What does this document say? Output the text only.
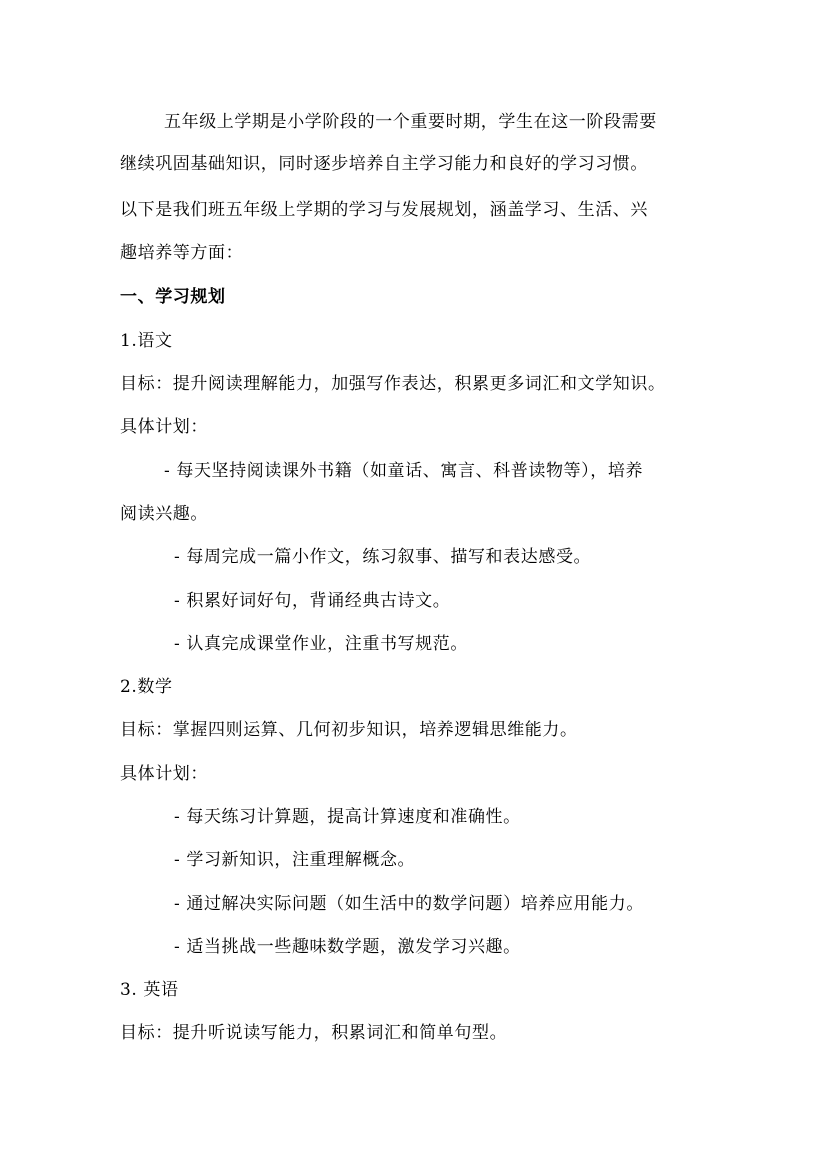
五年级上学期是小学阶段的一个重要时期，学生在这一阶段需要
继续巩固基础知识，同时逐步培养自主学习能力和良好的学习习惯。
以下是我们班五年级上学期的学习与发展规划，涵盖学习、生活、兴
趣培养等方面：
一、学习规划
1.语文
目标：提升阅读理解能力，加强写作表达，积累更多词汇和文学知识。
具体计划：
- 每天坚持阅读课外书籍（如童话、寓言、科普读物等），培养
阅读兴趣。
- 每周完成一篇小作文，练习叙事、描写和表达感受。
- 积累好词好句，背诵经典古诗文。
- 认真完成课堂作业，注重书写规范。
2.数学
目标：掌握四则运算、几何初步知识，培养逻辑思维能力。
具体计划：
- 每天练习计算题，提高计算速度和准确性。
- 学习新知识，注重理解概念。
- 通过解决实际问题（如生活中的数学问题）培养应用能力。
- 适当挑战一些趣味数学题，激发学习兴趣。
3. 英语
目标：提升听说读写能力，积累词汇和简单句型。
